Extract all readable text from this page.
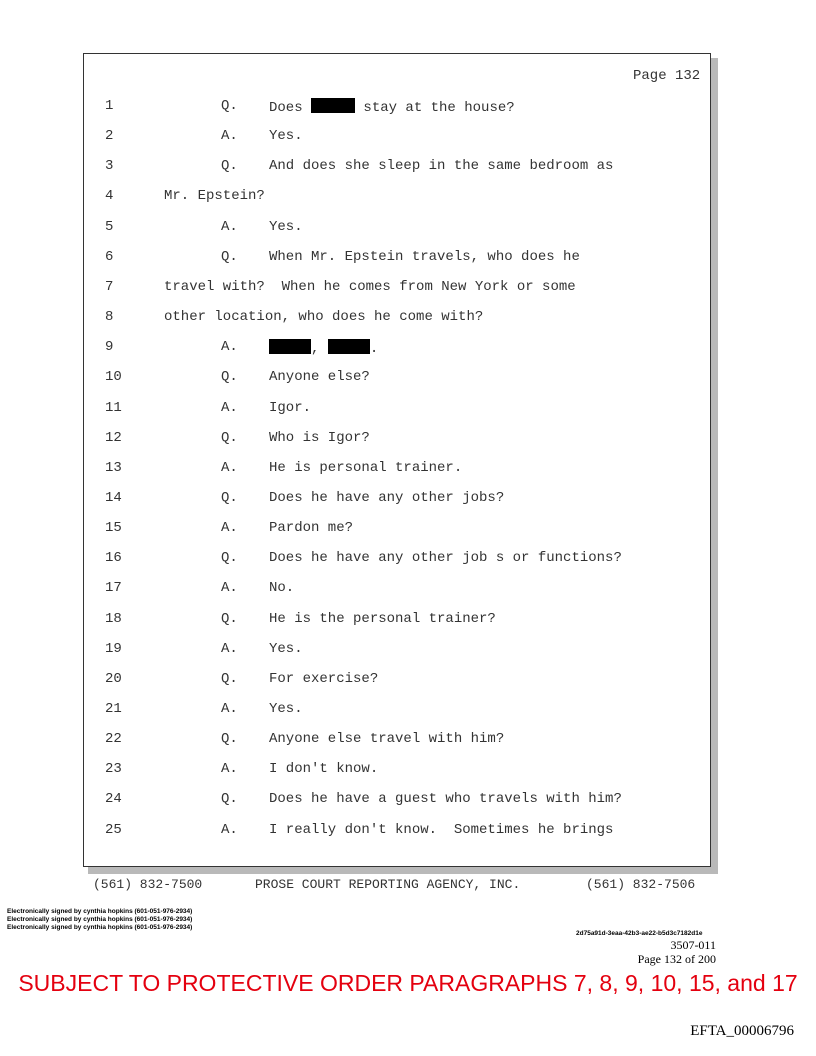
Page 132
1	Q. Does	stay at the house?
2	A. Yes.
3	Q. And does she sleep in the same bedroom as
4	Mr. Epstein?
5	A. Yes.
6	Q. When Mr. Epstein travels, who does he
7	travel with?  When he comes from New York or some
8	other location, who does he come with?
9	A.	,	.
10	Q. Anyone else?
11	A. Igor.
12	Q. Who is Igor?
13	A. He is personal trainer.
14	Q. Does he have any other jobs?
15	A. Pardon me?
16	Q. Does he have any other job s or functions?
17	A. No.
18	Q. He is the personal trainer?
19	A. Yes.
20	Q. For exercise?
21	A. Yes.
22	Q. Anyone else travel with him?
23	A. I don't know.
24	Q. Does he have a guest who travels with him?
25	A. I really don't know.  Sometimes he brings
(561) 832-7500	PROSE COURT REPORTING AGENCY, INC.	(561) 832-7506
Electronically signed by cynthia hopkins (601-051-976-2934)
Electronically signed by cynthia hopkins (601-051-976-2934)
Electronically signed by cynthia hopkins (601-051-976-2934)
2d75a91d-3eaa-42b3-ae22-b5d3c7182d1e
3507-011
Page 132 of 200
SUBJECT TO PROTECTIVE ORDER PARAGRAPHS 7, 8, 9, 10, 15, and 17
EFTA_00006796
